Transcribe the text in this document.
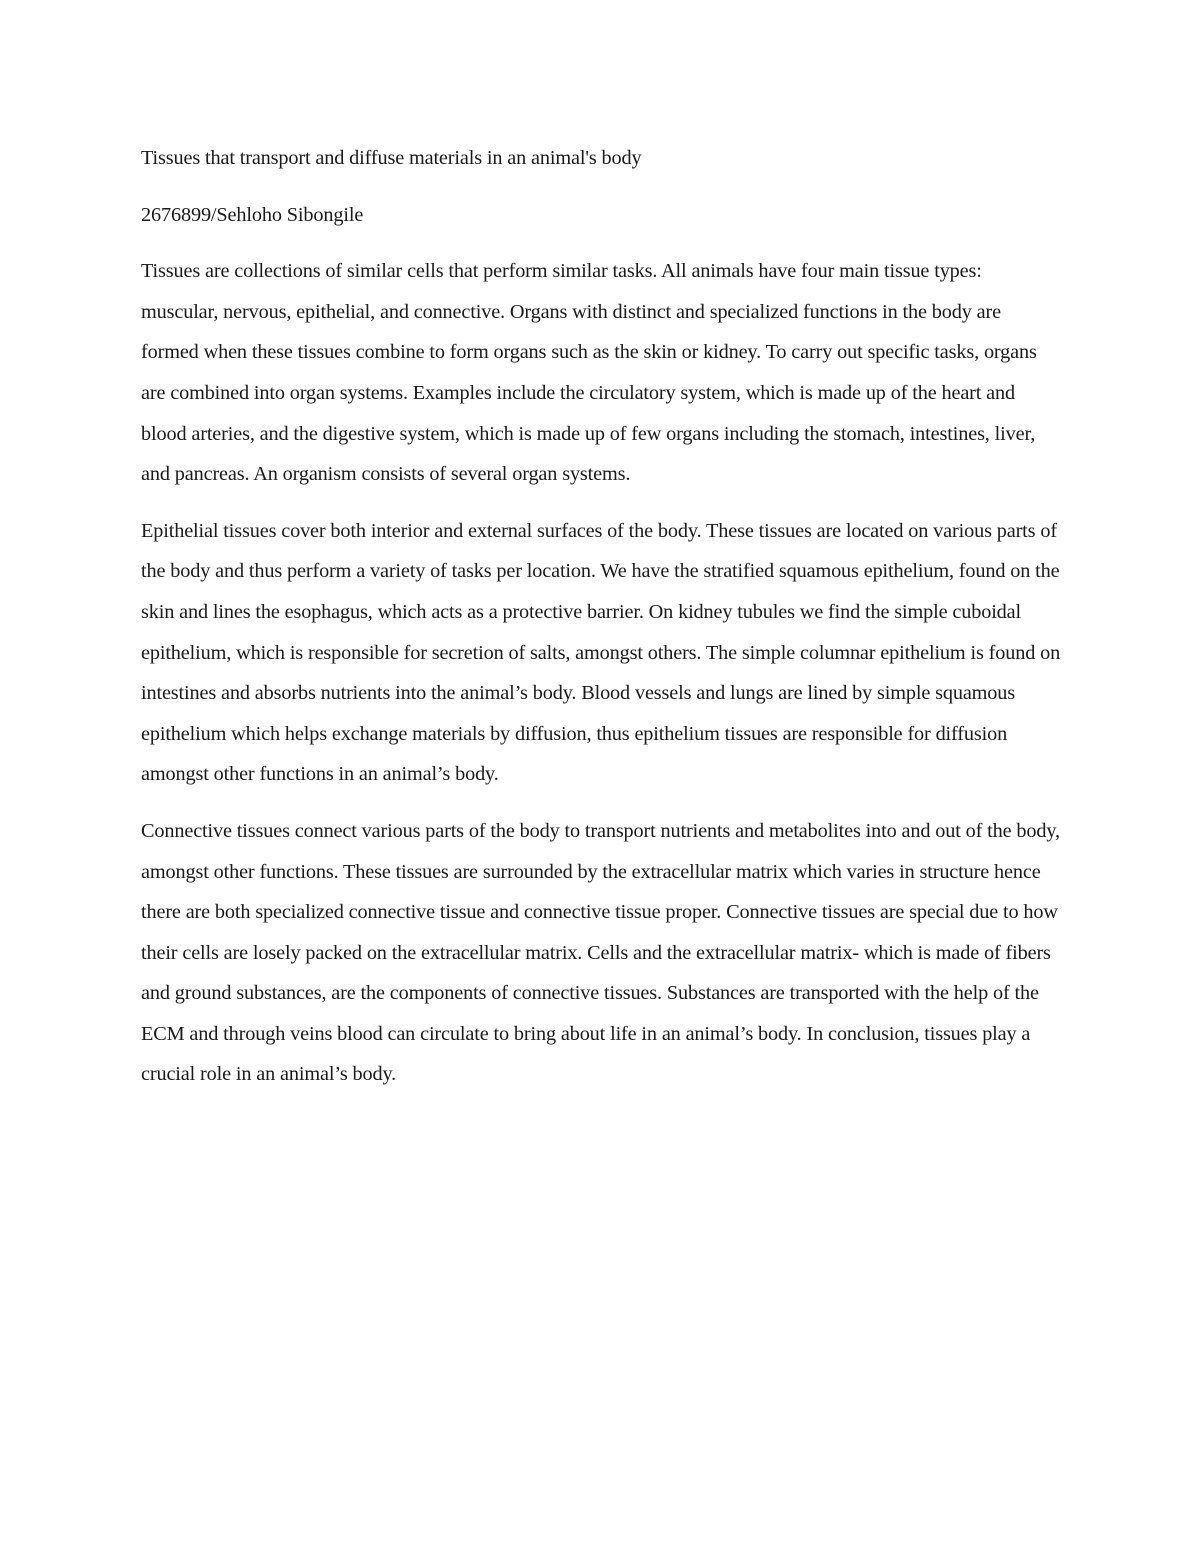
Tissues that transport and diffuse materials in an animal's body

2676899/Sehloho Sibongile

Tissues are collections of similar cells that perform similar tasks. All animals have four main tissue types: muscular, nervous, epithelial, and connective. Organs with distinct and specialized functions in the body are formed when these tissues combine to form organs such as the skin or kidney. To carry out specific tasks, organs are combined into organ systems. Examples include the circulatory system, which is made up of the heart and blood arteries, and the digestive system, which is made up of few organs including the stomach, intestines, liver, and pancreas. An organism consists of several organ systems.

Epithelial tissues cover both interior and external surfaces of the body. These tissues are located on various parts of the body and thus perform a variety of tasks per location. We have the stratified squamous epithelium, found on the skin and lines the esophagus, which acts as a protective barrier. On kidney tubules we find the simple cuboidal epithelium, which is responsible for secretion of salts, amongst others. The simple columnar epithelium is found on intestines and absorbs nutrients into the animal’s body. Blood vessels and lungs are lined by simple squamous epithelium which helps exchange materials by diffusion, thus epithelium tissues are responsible for diffusion amongst other functions in an animal’s body.

Connective tissues connect various parts of the body to transport nutrients and metabolites into and out of the body, amongst other functions. These tissues are surrounded by the extracellular matrix which varies in structure hence there are both specialized connective tissue and connective tissue proper. Connective tissues are special due to how their cells are losely packed on the extracellular matrix. Cells and the extracellular matrix- which is made of fibers and ground substances, are the components of connective tissues. Substances are transported with the help of the ECM and through veins blood can circulate to bring about life in an animal’s body. In conclusion, tissues play a crucial role in an animal’s body.
